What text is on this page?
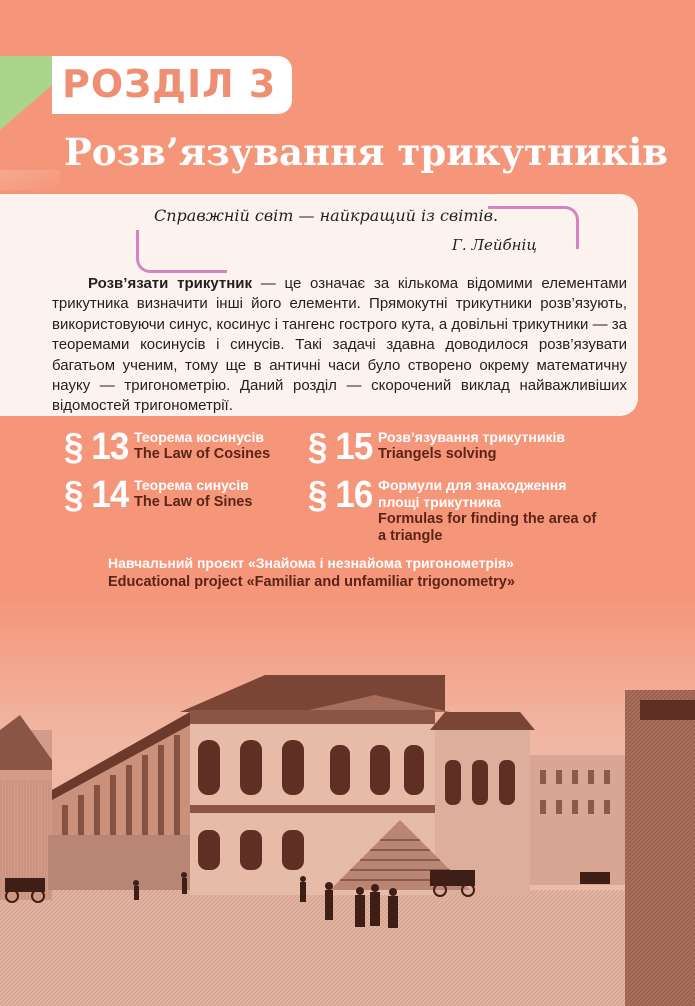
РОЗДІЛ 3
Розв’язування трикутників
Справжній світ — найкращий із світів.
Г. Лейбніц

Розв’язати трикутник — це означає за кількома відомими елементами трикутника визначити інші його елементи. Прямокутні трикутники розв’язують, використовуючи синус, косинус і тангенс гострого кута, а довільні трикутники — за теоремами косинусів і синусів. Такі задачі здавна доводилося розв’язувати багатьом ученим, тому ще в античні часи було створено окрему математичну науку — тригонометрію. Даний розділ — скорочений виклад найважливіших відомостей тригонометрії.

§ 13 Теорема косинусів
The Law of Cosines
§ 14 Теорема синусів
The Law of Sines
§ 15 Розв’язування трикутників
Triangels solving
§ 16 Формули для знаходження площі трикутника
Formulas for finding the area of a triangle
Навчальний проєкт «Знайома і незнайома тригонометрія»
Educational project «Familiar and unfamiliar trigonometry»
